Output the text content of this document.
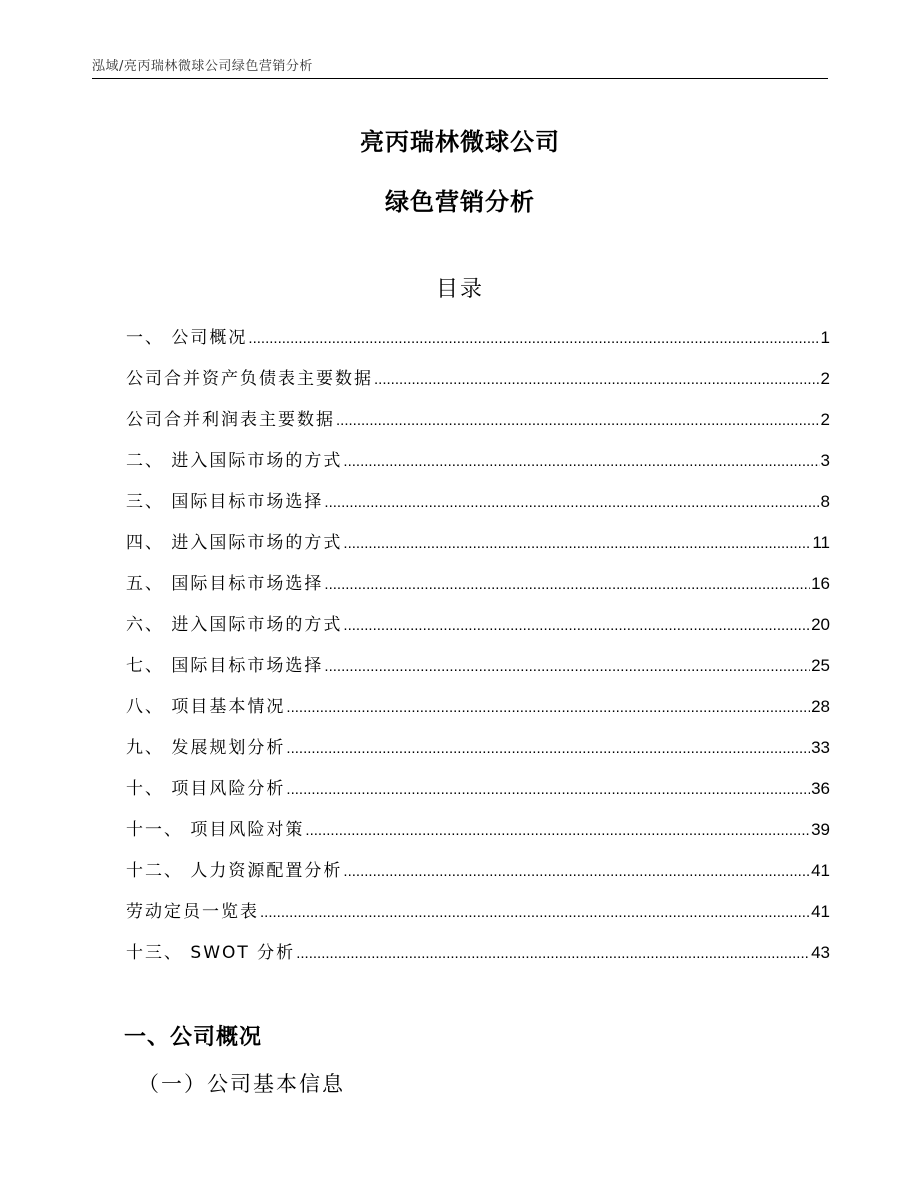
泓域/亮丙瑞林微球公司绿色营销分析
亮丙瑞林微球公司
绿色营销分析
目录
一、 公司概况 .....	1
公司合并资产负债表主要数据 .....	2
公司合并利润表主要数据 .....	2
二、 进入国际市场的方式 .....	3
三、 国际目标市场选择 .....	8
四、 进入国际市场的方式 .....	11
五、 国际目标市场选择 .....	16
六、 进入国际市场的方式 .....	20
七、 国际目标市场选择 .....	25
八、 项目基本情况 .....	28
九、 发展规划分析 .....	33
十、 项目风险分析 .....	36
十一、 项目风险对策 .....	39
十二、 人力资源配置分析 .....	41
劳动定员一览表 .....	41
十三、 SWOT 分析 .....	43
一、公司概况
（一）公司基本信息
